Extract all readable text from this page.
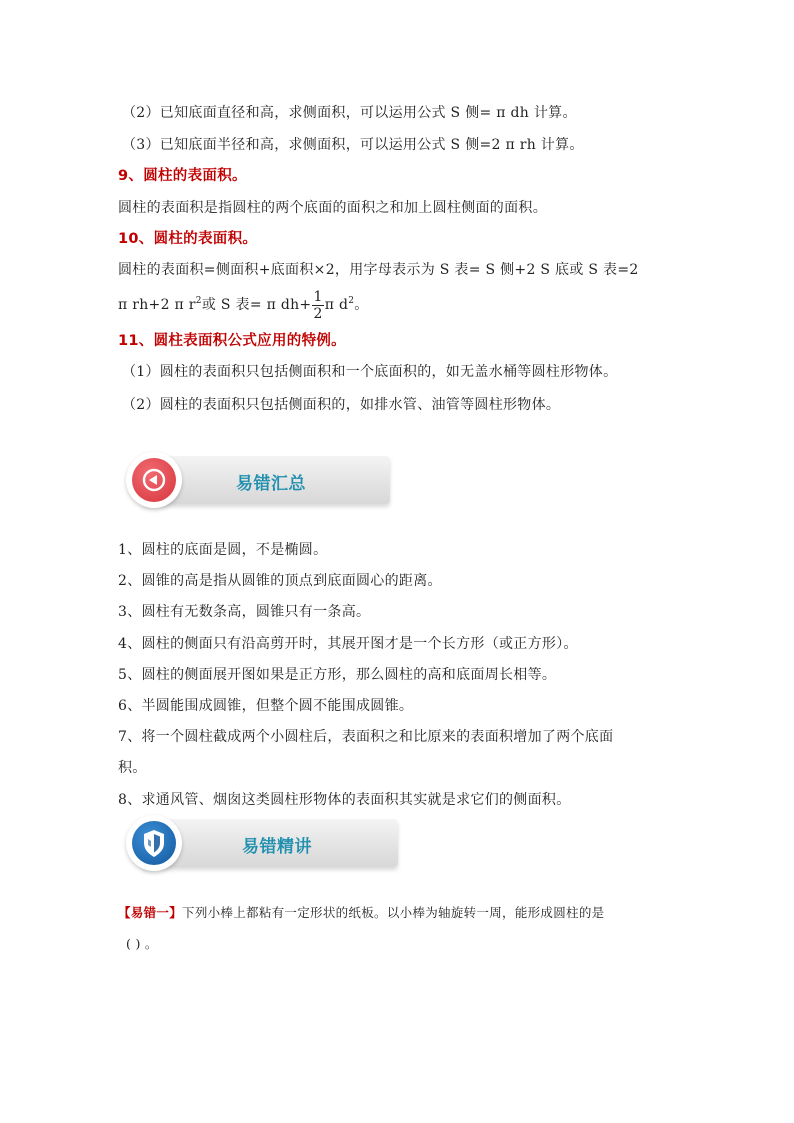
（2）已知底面直径和高，求侧面积，可以运用公式 S 侧= π dh 计算。
（3）已知底面半径和高，求侧面积，可以运用公式 S 侧=2 π rh 计算。
9、圆柱的表面积。
圆柱的表面积是指圆柱的两个底面的面积之和加上圆柱侧面的面积。
10、圆柱的表面积。
圆柱的表面积=侧面积+底面积×2，用字母表示为 S 表= S 侧+2 S 底或 S 表=2
π rh+2 π $r^2$或 S 表= π $dh+ \frac{1}{2}$ π $d^2$。
11、圆柱表面积公式应用的特例。
（1）圆柱的表面积只包括侧面积和一个底面积的，如无盖水桶等圆柱形物体。
（2）圆柱的表面积只包括侧面积的，如排水管、油管等圆柱形物体。
易错汇总
1、圆柱的底面是圆，不是椭圆。
2、圆锥的高是指从圆锥的顶点到底面圆心的距离。
3、圆柱有无数条高，圆锥只有一条高。
4、圆柱的侧面只有沿高剪开时，其展开图才是一个长方形（或正方形）。
5、圆柱的侧面展开图如果是正方形，那么圆柱的高和底面周长相等。
6、半圆能围成圆锥，但整个圆不能围成圆锥。
7、将一个圆柱截成两个小圆柱后，表面积之和比原来的表面积增加了两个底面
积。
8、求通风管、烟囱这类圆柱形物体的表面积其实就是求它们的侧面积。
易错精讲
【易错一】下列小棒上都粘有一定形状的纸板。以小棒为轴旋转一周，能形成圆柱的是
( ) 。
